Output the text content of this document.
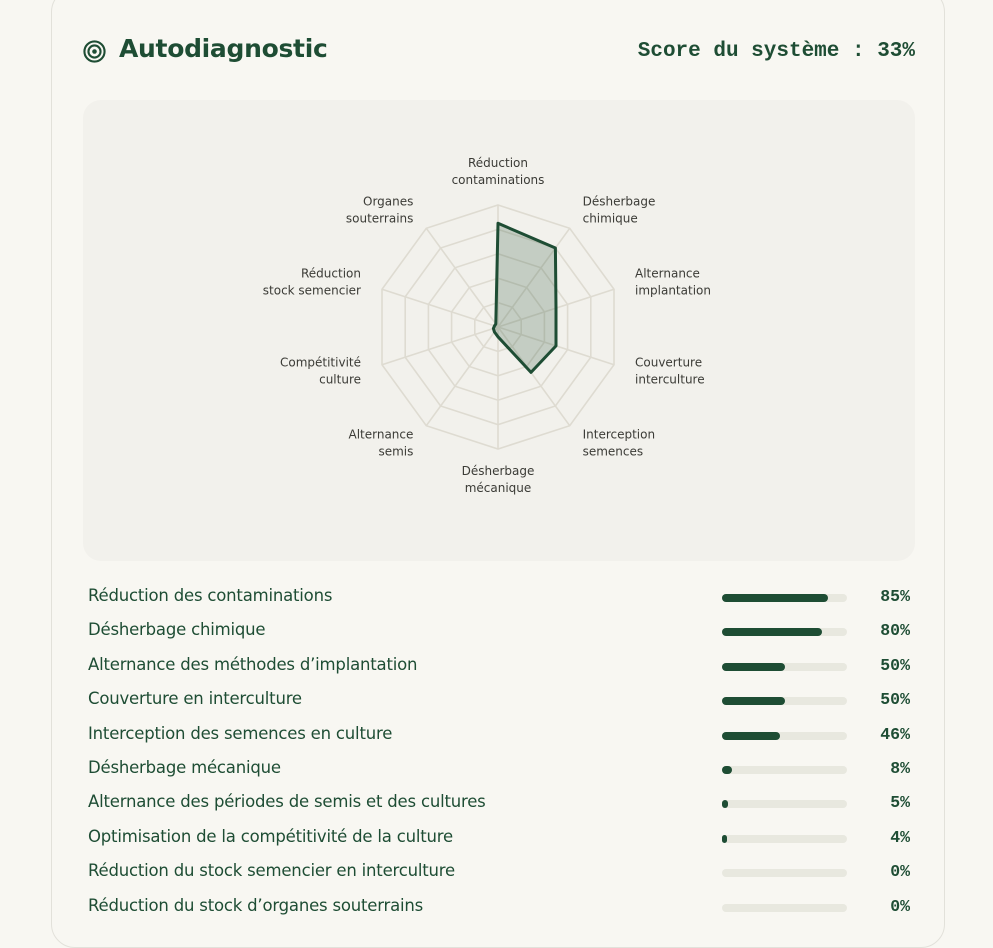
Autodiagnostic	Score du système : 33%
Réduction contaminations
Désherbage chimique
Alternance implantation
Couverture interculture
Interception semences
Désherbage mécanique
Alternance semis
Compétitivité culture
Réduction stock semencier
Organes souterrains
Réduction des contaminations	85%
Désherbage chimique	80%
Alternance des méthodes d’implantation	50%
Couverture en interculture	50%
Interception des semences en culture	46%
Désherbage mécanique	8%
Alternance des périodes de semis et des cultures	5%
Optimisation de la compétitivité de la culture	4%
Réduction du stock semencier en interculture	0%
Réduction du stock d’organes souterrains	0%
